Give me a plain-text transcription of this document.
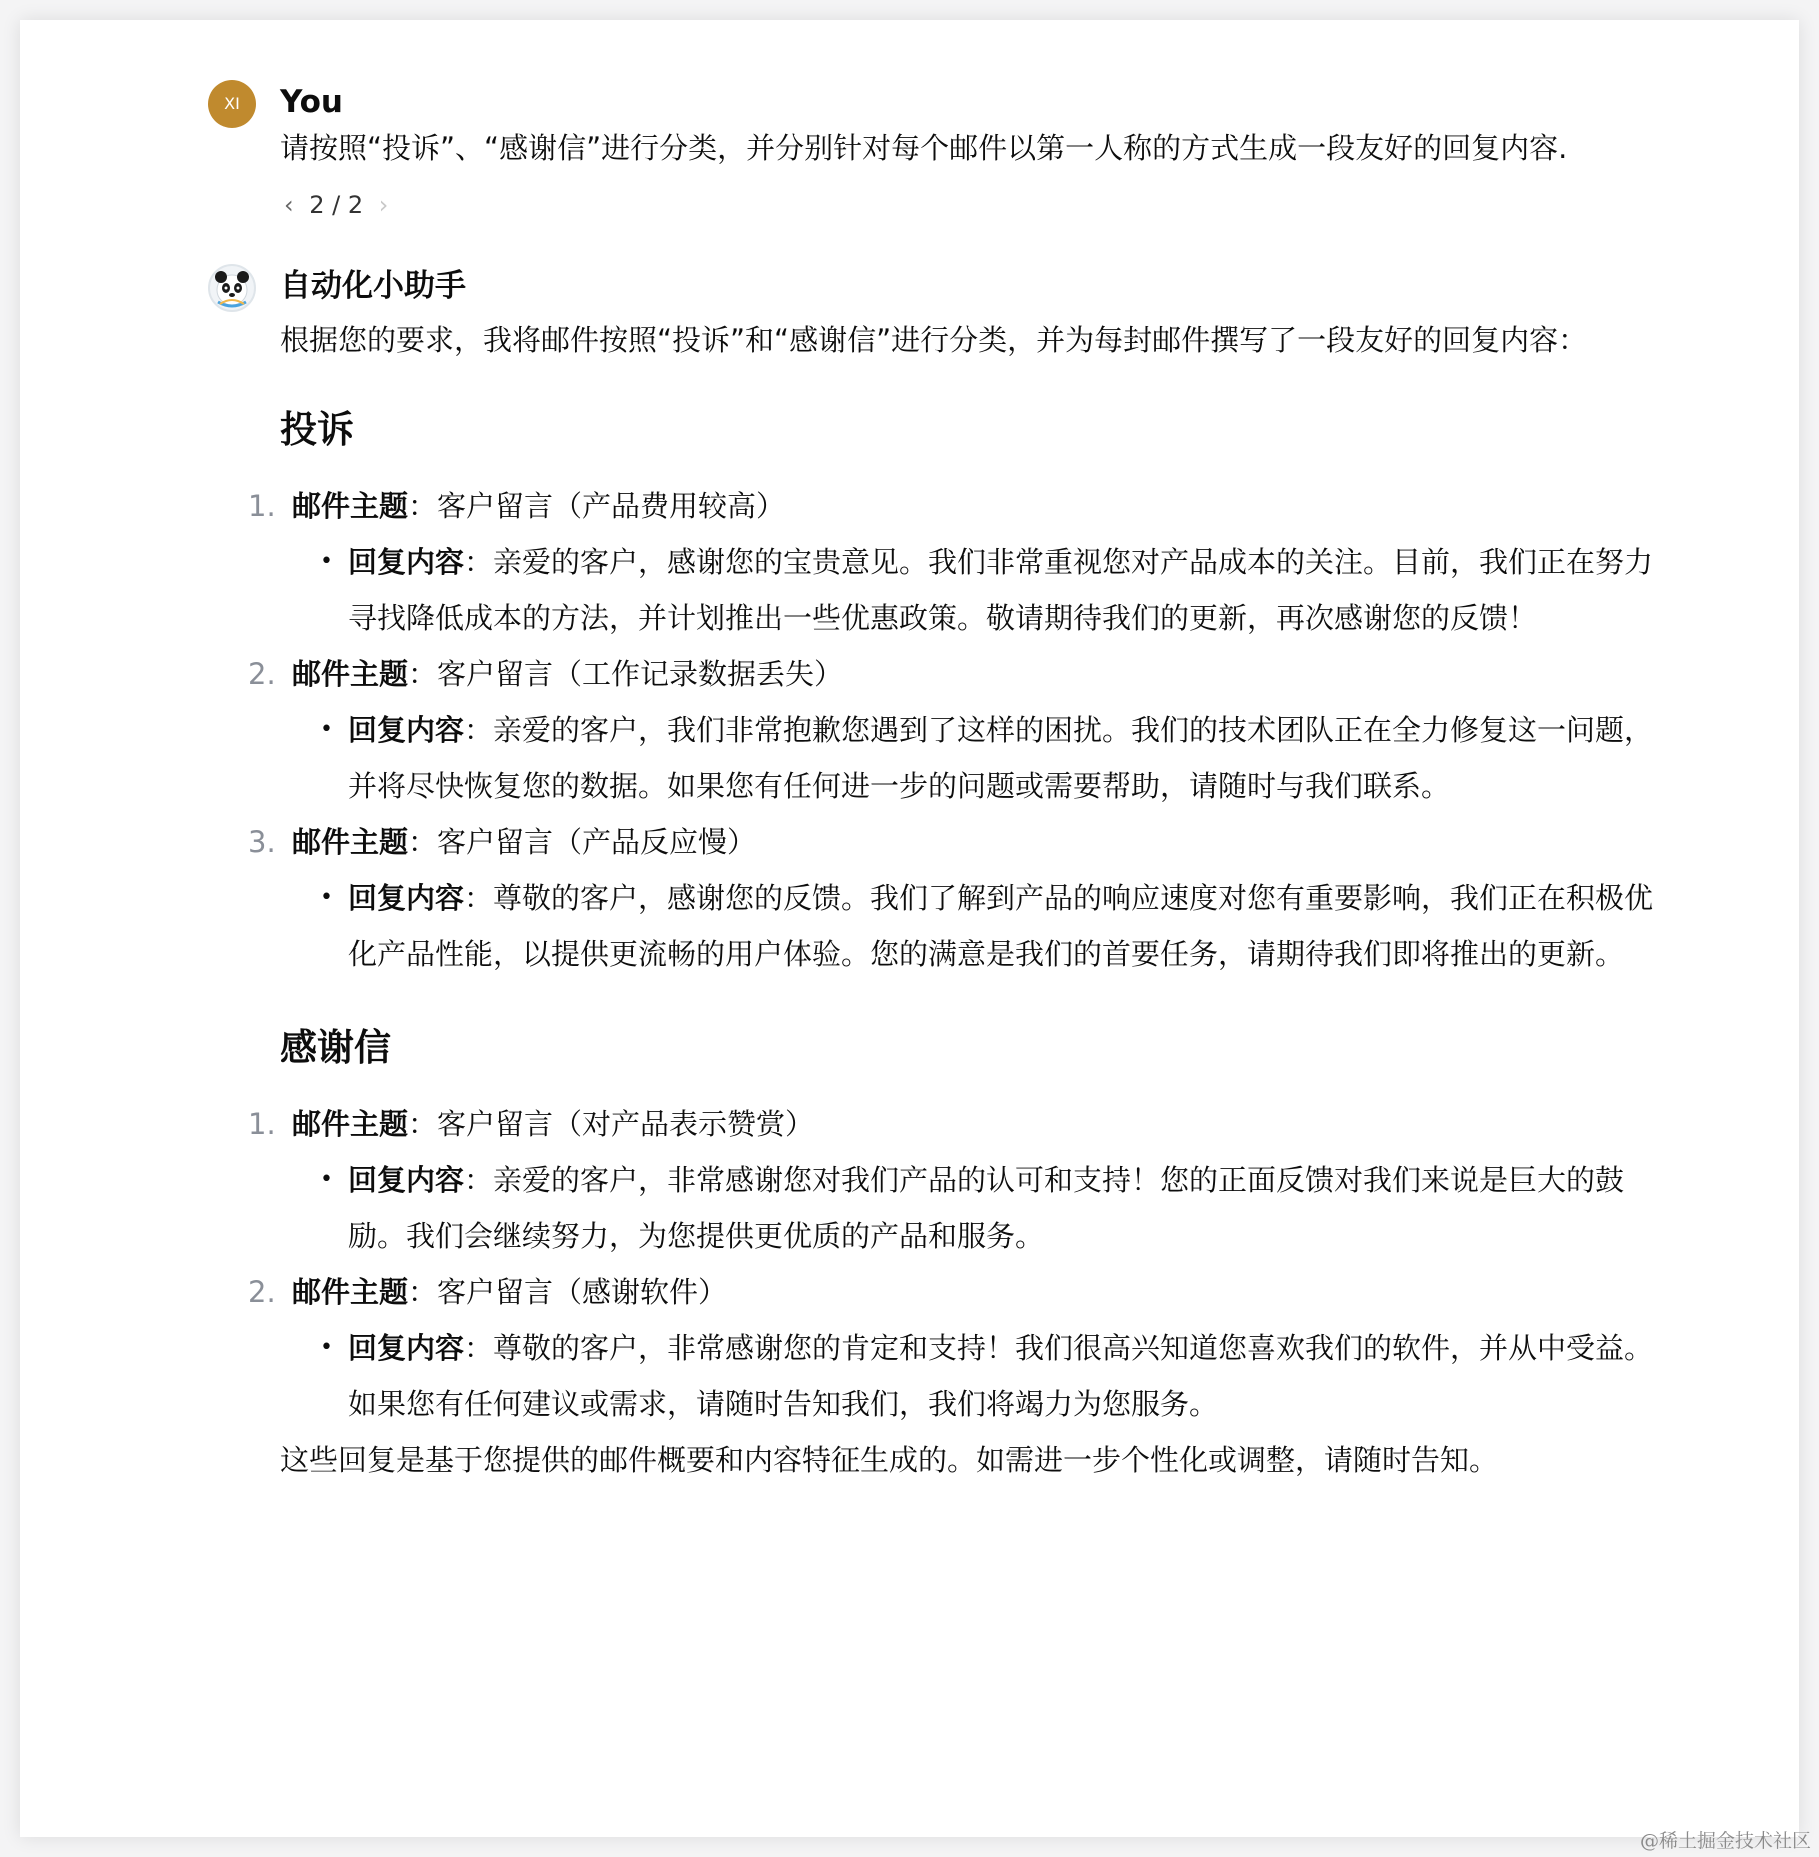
XI	You
请按照“投诉”、“感谢信”进行分类，并分别针对每个邮件以第一人称的方式生成一段友好的回复内容.
‹ 2 / 2 ›
自动化小助手

根据您的要求，我将邮件按照“投诉”和“感谢信”进行分类，并为每封邮件撰写了一段友好的回复内容：

投诉
1. 邮件主题：客户留言（产品费用较高）
• 回复内容：亲爱的客户，感谢您的宝贵意见。我们非常重视您对产品成本的关注。目前，我们正在努力寻找降低成本的方法，并计划推出一些优惠政策。敬请期待我们的更新，再次感谢您的反馈！
2. 邮件主题：客户留言（工作记录数据丢失）
• 回复内容：亲爱的客户，我们非常抱歉您遇到了这样的困扰。我们的技术团队正在全力修复这一问题，并将尽快恢复您的数据。如果您有任何进一步的问题或需要帮助，请随时与我们联系。
3. 邮件主题：客户留言（产品反应慢）
• 回复内容：尊敬的客户，感谢您的反馈。我们了解到产品的响应速度对您有重要影响，我们正在积极优化产品性能，以提供更流畅的用户体验。您的满意是我们的首要任务，请期待我们即将推出的更新。
感谢信
1. 邮件主题：客户留言（对产品表示赞赏）
• 回复内容：亲爱的客户，非常感谢您对我们产品的认可和支持！您的正面反馈对我们来说是巨大的鼓励。我们会继续努力，为您提供更优质的产品和服务。
2. 邮件主题：客户留言（感谢软件）
• 回复内容：尊敬的客户，非常感谢您的肯定和支持！我们很高兴知道您喜欢我们的软件，并从中受益。如果您有任何建议或需求，请随时告知我们，我们将竭力为您服务。

这些回复是基于您提供的邮件概要和内容特征生成的。如需进一步个性化或调整，请随时告知。

@稀土掘金技术社区
